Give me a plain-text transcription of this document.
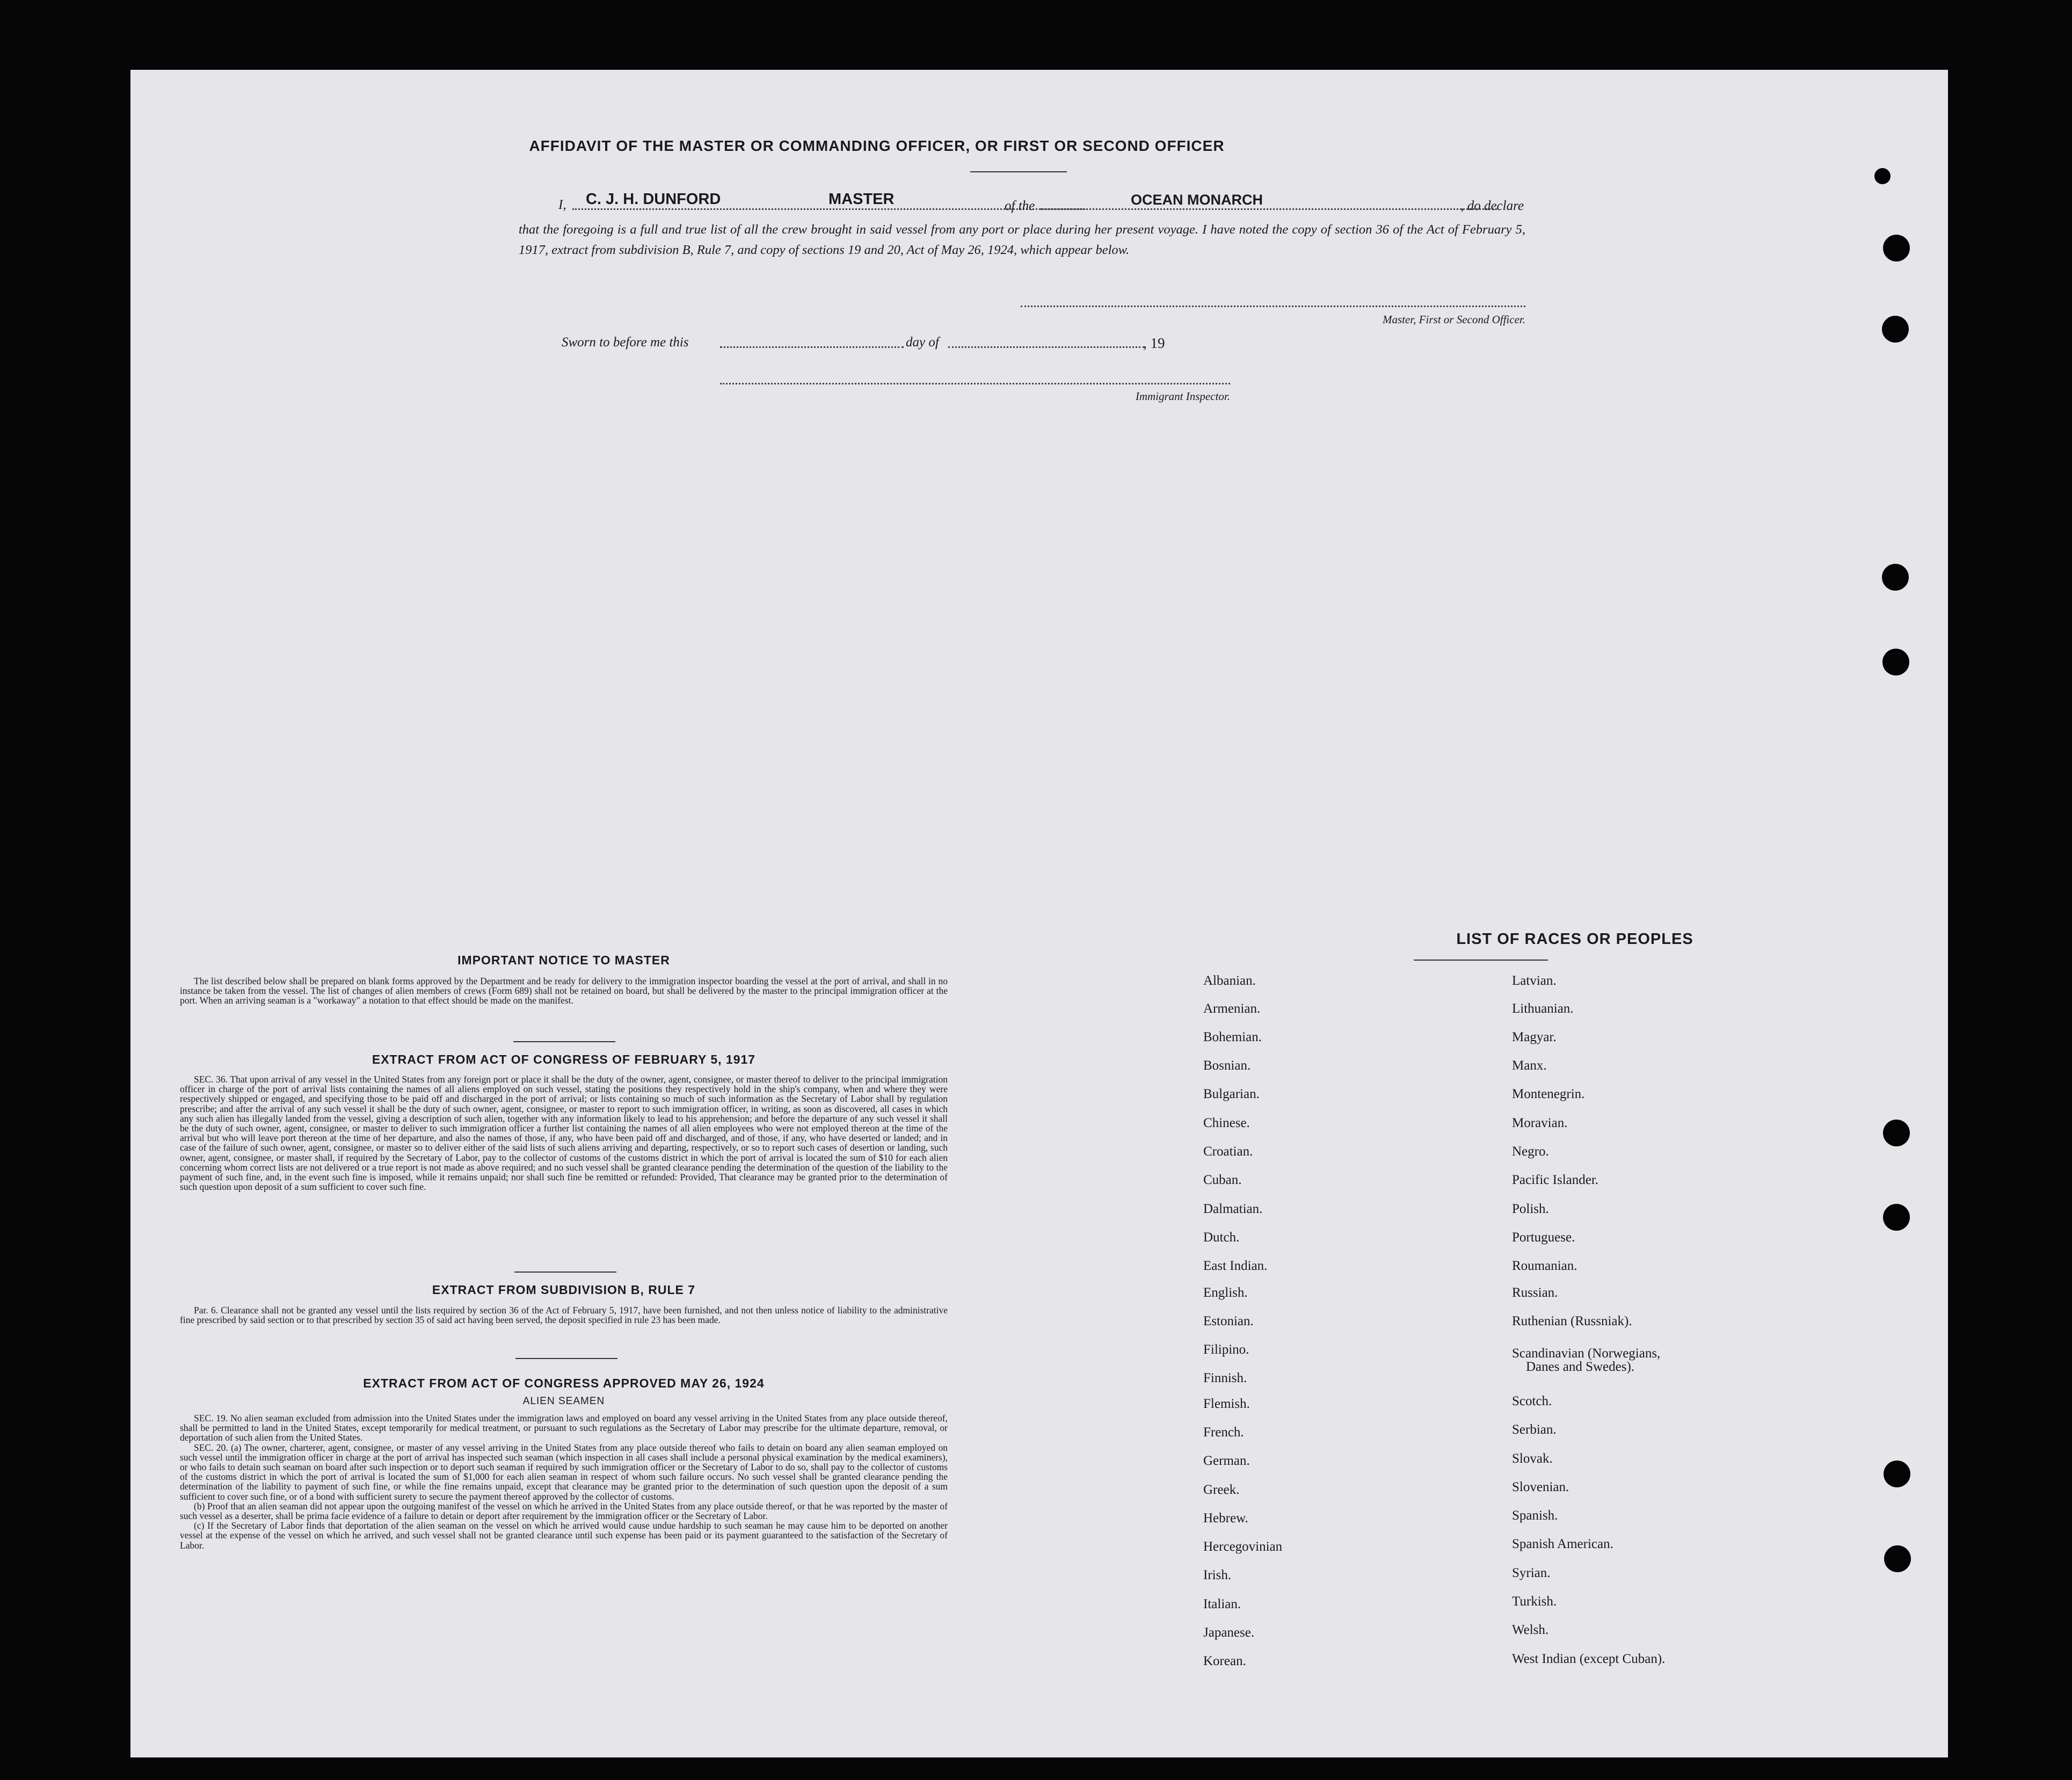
AFFIDAVIT OF THE MASTER OR COMMANDING OFFICER, OR FIRST OR SECOND OFFICER
I, C. J. H. DUNFORD	MASTER	of the	OCEAN MONARCH	, do declare
that the foregoing is a full and true list of all the crew brought in said vessel from any port or place during her present voyage. I have noted the copy of section 36 of the Act of February 5, 1917, extract from subdivision B, Rule 7, and copy of sections 19 and 20, Act of May 26, 1924, which appear below.
Master, First or Second Officer.
Sworn to before me this	day of	, 19
Immigrant Inspector.
IMPORTANT NOTICE TO MASTER

The list described below shall be prepared on blank forms approved by the Department and be ready for delivery to the immigration inspector boarding the vessel at the port of arrival, and shall in no instance be taken from the vessel. The list of changes of alien members of crews (Form 689) shall not be retained on board, but shall be delivered by the master to the principal immigration officer at the port. When an arriving seaman is a "workaway" a notation to that effect should be made on the manifest.

EXTRACT FROM ACT OF CONGRESS OF FEBRUARY 5, 1917

SEC. 36. That upon arrival of any vessel in the United States from any foreign port or place it shall be the duty of the owner, agent, consignee, or master thereof to deliver to the principal immigration officer in charge of the port of arrival lists containing the names of all aliens employed on such vessel, stating the positions they respectively hold in the ship's company, when and where they were respectively shipped or engaged, and specifying those to be paid off and discharged in the port of arrival; or lists containing so much of such information as the Secretary of Labor shall by regulation prescribe; and after the arrival of any such vessel it shall be the duty of such owner, agent, consignee, or master to report to such immigration officer, in writing, as soon as discovered, all cases in which any such alien has illegally landed from the vessel, giving a description of such alien, together with any information likely to lead to his apprehension; and before the departure of any such vessel it shall be the duty of such owner, agent, consignee, or master to deliver to such immigration officer a further list containing the names of all alien employees who were not employed thereon at the time of the arrival but who will leave port thereon at the time of her departure, and also the names of those, if any, who have been paid off and discharged, and of those, if any, who have deserted or landed; and in case of the failure of such owner, agent, consignee, or master so to deliver either of the said lists of such aliens arriving and departing, respectively, or so to report such cases of desertion or landing, such owner, agent, consignee, or master shall, if required by the Secretary of Labor, pay to the collector of customs of the customs district in which the port of arrival is located the sum of $10 for each alien concerning whom correct lists are not delivered or a true report is not made as above required; and no such vessel shall be granted clearance pending the determination of the question of the liability to the payment of such fine, and, in the event such fine is imposed, while it remains unpaid; nor shall such fine be remitted or refunded: Provided, That clearance may be granted prior to the determination of such question upon deposit of a sum sufficient to cover such fine.

EXTRACT FROM SUBDIVISION B, RULE 7

Par. 6. Clearance shall not be granted any vessel until the lists required by section 36 of the Act of February 5, 1917, have been furnished, and not then unless notice of liability to the administrative fine prescribed by said section or to that prescribed by section 35 of said act having been served, the deposit specified in rule 23 has been made.

EXTRACT FROM ACT OF CONGRESS APPROVED MAY 26, 1924
ALIEN SEAMEN

SEC. 19. No alien seaman excluded from admission into the United States under the immigration laws and employed on board any vessel arriving in the United States from any place outside thereof, shall be permitted to land in the United States, except temporarily for medical treatment, or pursuant to such regulations as the Secretary of Labor may prescribe for the ultimate departure, removal, or deportation of such alien from the United States.

SEC. 20. (a) The owner, charterer, agent, consignee, or master of any vessel arriving in the United States from any place outside thereof who fails to detain on board any alien seaman employed on such vessel until the immigration officer in charge at the port of arrival has inspected such seaman (which inspection in all cases shall include a personal physical examination by the medical examiners), or who fails to detain such seaman on board after such inspection or to deport such seaman if required by such immigration officer or the Secretary of Labor to do so, shall pay to the collector of customs of the customs district in which the port of arrival is located the sum of $1,000 for each alien seaman in respect of whom such failure occurs. No such vessel shall be granted clearance pending the determination of the liability to payment of such fine, or while the fine remains unpaid, except that clearance may be granted prior to the determination of such question upon the deposit of a sum sufficient to cover such fine, or of a bond with sufficient surety to secure the payment thereof approved by the collector of customs.

(b) Proof that an alien seaman did not appear upon the outgoing manifest of the vessel on which he arrived in the United States from any place outside thereof, or that he was reported by the master of such vessel as a deserter, shall be prima facie evidence of a failure to detain or deport after requirement by the immigration officer or the Secretary of Labor.

(c) If the Secretary of Labor finds that deportation of the alien seaman on the vessel on which he arrived would cause undue hardship to such seaman he may cause him to be deported on another vessel at the expense of the vessel on which he arrived, and such vessel shall not be granted clearance until such expense has been paid or its payment guaranteed to the satisfaction of the Secretary of Labor.

LIST OF RACES OR PEOPLES
Albanian.
Armenian.
Bohemian.
Bosnian.
Bulgarian.
Chinese.
Croatian.
Cuban.
Dalmatian.
Dutch.
East Indian.
English.
Estonian.
Filipino.
Finnish.
Flemish.
French.
German.
Greek.
Hebrew.
Hercegovinian
Irish.
Italian.
Japanese.
Korean.
Latvian.
Lithuanian.
Magyar.
Manx.
Montenegrin.
Moravian.
Negro.
Pacific Islander.
Polish.
Portuguese.
Roumanian.
Russian.
Ruthenian (Russniak).
Scandinavian (Norwegians,
Danes and Swedes).
Scotch.
Serbian.
Slovak.
Slovenian.
Spanish.
Spanish American.
Syrian.
Turkish.
Welsh.
West Indian (except Cuban).
